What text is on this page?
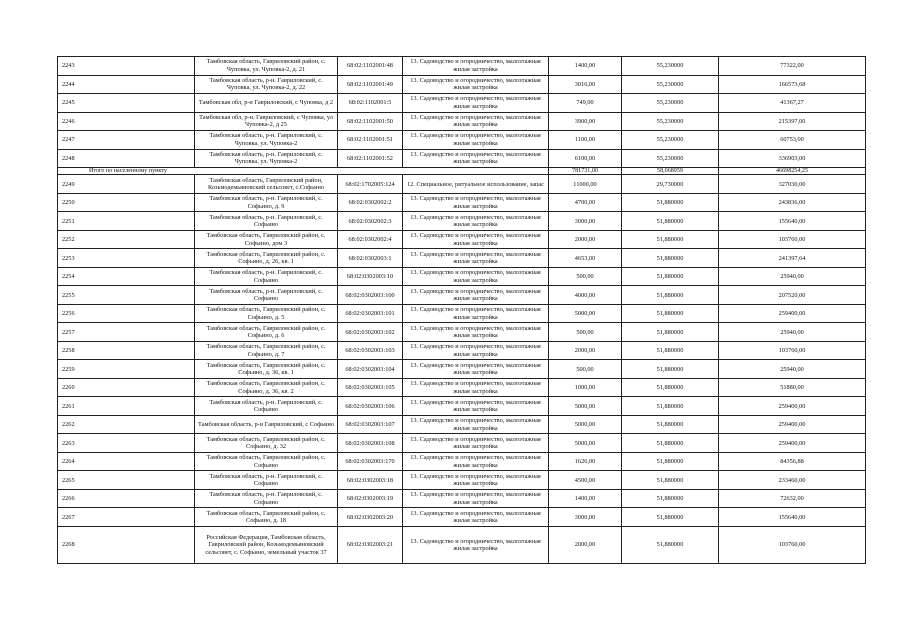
2243	Тамбовская область, Гавриловский район, с. Чуповка, ул. Чуповка-2, д. 21	68:02:1102001:48	13. Садоводство и огородничество, малоэтажная жилая застройка	1400,00	55,230000	77322,00
2244	Тамбовская область, р-н. Гавриловский, с. Чуповка, ул. Чуповка-2, д. 22	68:02:1102001:49	13. Садоводство и огородничество, малоэтажная жилая застройка	3016,00	55,230000	166573,68
2245	Тамбовская обл, р-н Гавриловский, с Чуповка, д 2	68:02:1102001:5	13. Садоводство и огородничество, малоэтажная жилая застройка	749,00	55,230000	41367,27
2246	Тамбовская обл, р-н. Гавриловский, с Чуповка, ул Чуповка-2, д 25	68:02:1102001:50	13. Садоводство и огородничество, малоэтажная жилая застройка	3900,00	55,230000	215397,00
2247	Тамбовская область, р-н. Гавриловский, с. Чуповка, ул. Чуповка-2	68:02:1102001:51	13. Садоводство и огородничество, малоэтажная жилая застройка	1100,00	55,230000	60753,00
2248	Тамбовская область, р-н. Гавриловский, с. Чуповка, ул. Чуповка-2	68:02:1102001:52	13. Садоводство и огородничество, малоэтажная жилая застройка	6100,00	55,230000	336903,00
Итого по населенному пункту				781731,00	58,068959	46698254,25
2249	Тамбовская область, Гавриловский район, Козьмодемьяновский сельсовет, с.Софьино	68:02:1702005:124	12. Специальное, ритуальное использование, запас	11000,00	29,730000	327030,00
2250	Тамбовская область, р-н. Гавриловский, с. Софьино, д. 9	68:02:0302002:2	13. Садоводство и огородничество, малоэтажная жилая застройка	4700,00	51,880000	243836,00
2251	Тамбовская область, р-н. Гавриловский, с. Софьино	68:02:0302002:3	13. Садоводство и огородничество, малоэтажная жилая застройка	3000,00	51,880000	155640,00
2252	Тамбовская область, Гавриловский район, с. Софьино, дом 3	68:02:0302002:4	13. Садоводство и огородничество, малоэтажная жилая застройка	2000,00	51,880000	103760,00
2253	Тамбовская область, Гавриловский район, с. Софьино, д. 26, кв. 1	68:02:0302003:1	13. Садоводство и огородничество, малоэтажная жилая застройка	4653,00	51,880000	241397,64
2254	Тамбовская область, р-н. Гавриловский, с. Софьино	68:02:0302003:10	13. Садоводство и огородничество, малоэтажная жилая застройка	500,00	51,880000	25940,00
2255	Тамбовская область, р-н. Гавриловский, с. Софьино	68:02:0302003:100	13. Садоводство и огородничество, малоэтажная жилая застройка	4000,00	51,880000	207520,00
2256	Тамбовская область, Гавриловский район, с. Софьино, д. 5	68:02:0302003:101	13. Садоводство и огородничество, малоэтажная жилая застройка	5000,00	51,880000	259400,00
2257	Тамбовская область, Гавриловский район, с. Софьино, д. 6	68:02:0302003:102	13. Садоводство и огородничество, малоэтажная жилая застройка	500,00	51,880000	25940,00
2258	Тамбовская область, Гавриловский район, с. Софьино, д. 7	68:02:0302003:103	13. Садоводство и огородничество, малоэтажная жилая застройка	2000,00	51,880000	103760,00
2259	Тамбовская область, Гавриловский район, с. Софьино, д. 36, кв. 1	68:02:0302003:104	13. Садоводство и огородничество, малоэтажная жилая застройка	500,00	51,880000	25940,00
2260	Тамбовская область, Гавриловский район, с. Софьино, д. 36, кв. 2	68:02:0302003:105	13. Садоводство и огородничество, малоэтажная жилая застройка	1000,00	51,880000	51880,00
2261	Тамбовская область, р-н. Гавриловский, с. Софьино	68:02:0302003:106	13. Садоводство и огородничество, малоэтажная жилая застройка	5000,00	51,880000	259400,00
2262	Тамбовская область, р-н Гавриловский, с Софьино	68:02:0302003:107	13. Садоводство и огородничество, малоэтажная жилая застройка	5000,00	51,880000	259400,00
2263	Тамбовская область, Гавриловский район, с. Софьино, д. 32	68:02:0302003:108	13. Садоводство и огородничество, малоэтажная жилая застройка	5000,00	51,880000	259400,00
2264	Тамбовская область, Гавриловский район, с. Софьино	68:02:0302003:170	13. Садоводство и огородничество, малоэтажная жилая застройка	1626,00	51,880000	84356,88
2265	Тамбовская область, р-н. Гавриловский, с. Софьино	68:02:0302003:18	13. Садоводство и огородничество, малоэтажная жилая застройка	4500,00	51,880000	233460,00
2266	Тамбовская область, р-н. Гавриловский, с. Софьино	68:02:0302003:19	13. Садоводство и огородничество, малоэтажная жилая застройка	1400,00	51,880000	72632,00
2267	Тамбовская область, Гавриловский район, с. Софьино, д. 18	68:02:0302003:20	13. Садоводство и огородничество, малоэтажная жилая застройка	3000,00	51,880000	155640,00
2268	Российская Федерация, Тамбовская область, Гавриловский район, Козьмодемьяновский сельсовет, с. Софьино, земельный участок 37	68:02:0302003:21	13. Садоводство и огородничество, малоэтажная жилая застройка	2000,00	51,880000	103760,00
